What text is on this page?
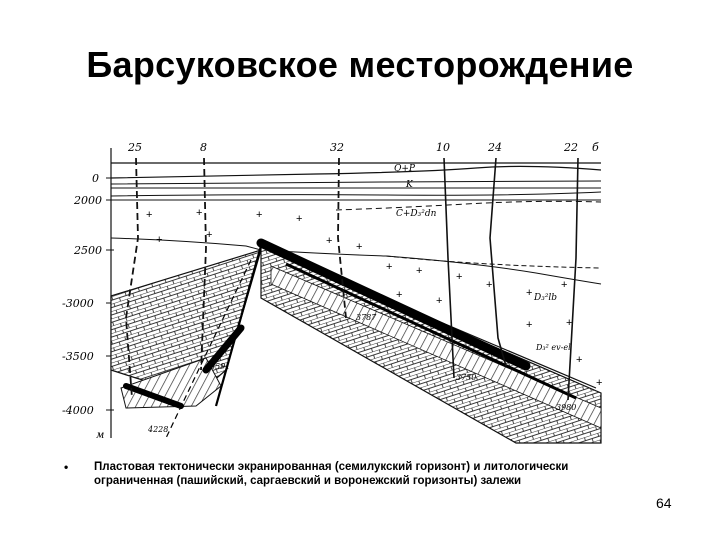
Барсуковское месторождение
0
2000
2500
-3000
-3500
-4000
м
+	+	+	+
+	+	+ +
+ +	+
+
+	+
+
+
+	+
+
+
25	8	32	10	24	22 б
Q+P
K
C+D₃²dn
D₃²lb
D₃² ev-el
3591
3787
3750
3980
4228
• Пластовая тектонически экранированная (семилукский горизонт) и литологически ограниченная (пашийский, саргаевский и воронежский горизонты) залежи
64
